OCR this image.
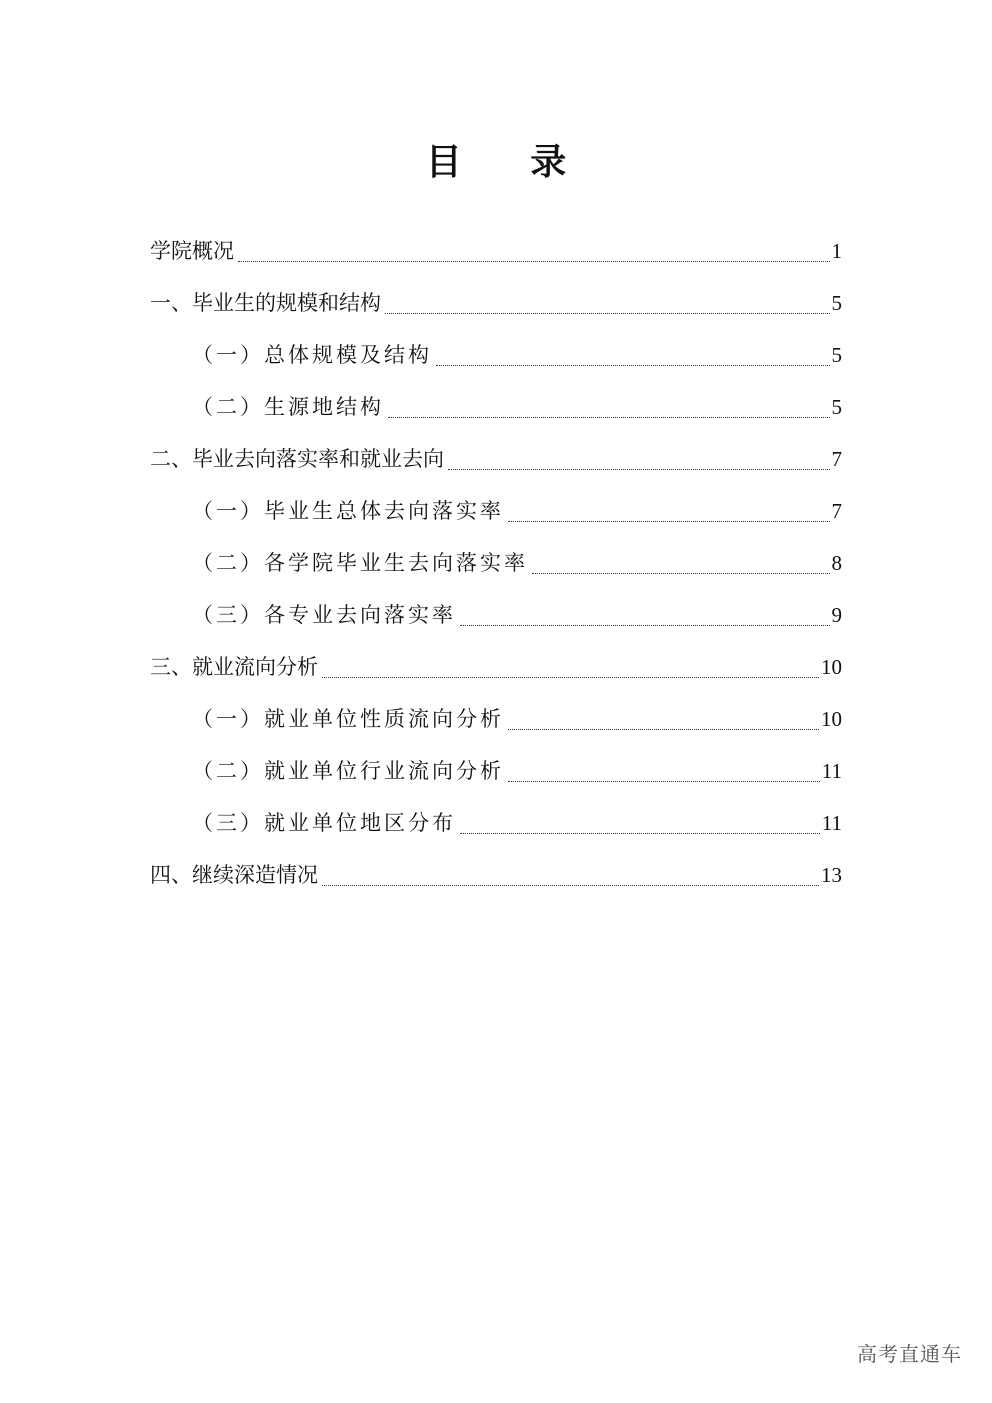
目 录
学院概况	1
一、毕业生的规模和结构	5
（一）总体规模及结构	5
（二）生源地结构	5
二、毕业去向落实率和就业去向	7
（一）毕业生总体去向落实率	7
（二）各学院毕业生去向落实率	8
（三）各专业去向落实率	9
三、就业流向分析	10
（一）就业单位性质流向分析	10
（二）就业单位行业流向分析	11
（三）就业单位地区分布	11
四、继续深造情况	13
高考直通车
